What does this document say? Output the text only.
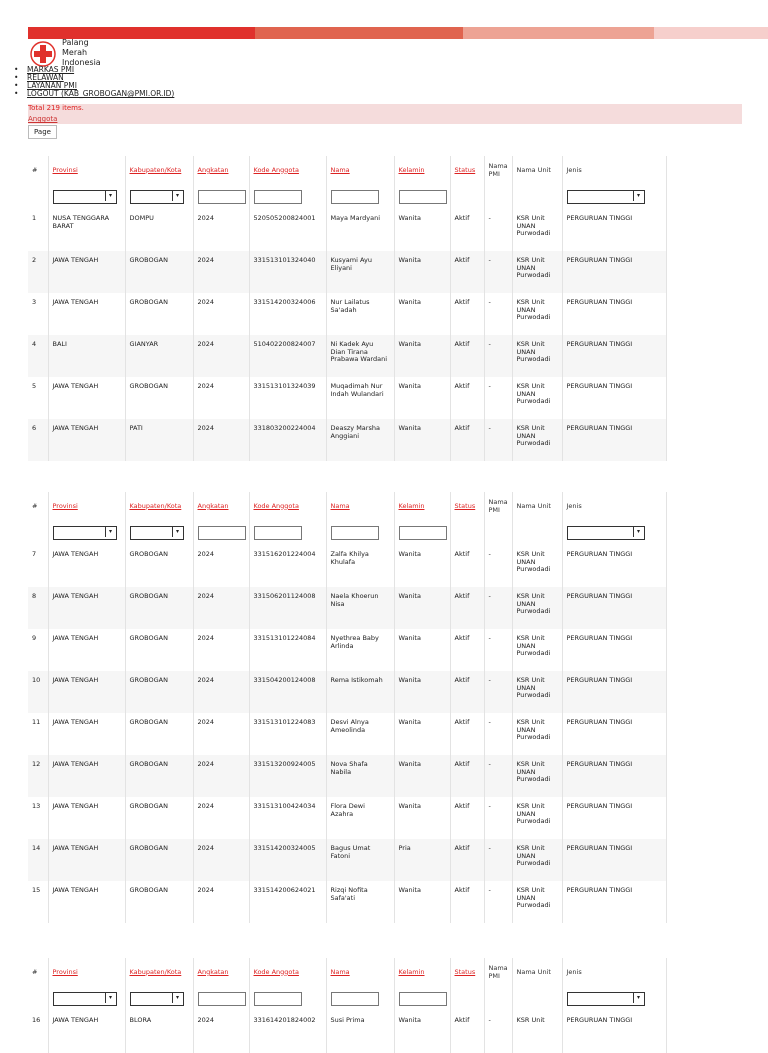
Palang
Merah
Indonesia
• MARKAS PMI
• RELAWAN
• LAYANAN PMI
• LOGOUT (KAB_GROBOGAN@PMI.OR.ID)
Total 219 items.
Anggota
Page
#	Provinsi	Kabupaten/Kota	Angkatan	Kode Anggota	Nama	Kelamin	Status	Nama PMI	Nama Unit	Jenis

	▾	▾								▾

1	NUSA TENGGARA BARAT	DOMPU	2024	520505200824001	Maya Mardyani	Wanita	Aktif	-	KSR Unit UNAN Purwodadi	PERGURUAN TINGGI
2	JAWA TENGAH	GROBOGAN	2024	331513101324040	Kusyami Ayu Eliyani	Wanita	Aktif	-	KSR Unit UNAN Purwodadi	PERGURUAN TINGGI
3	JAWA TENGAH	GROBOGAN	2024	331514200324006	Nur Lailatus Sa'adah	Wanita	Aktif	-	KSR Unit UNAN Purwodadi	PERGURUAN TINGGI
4	BALI	GIANYAR	2024	510402200824007	Ni Kadek Ayu Dian Tirana Prabawa Wardani	Wanita	Aktif	-	KSR Unit UNAN Purwodadi	PERGURUAN TINGGI
5	JAWA TENGAH	GROBOGAN	2024	331513101324039	Muqadimah Nur Indah Wulandari	Wanita	Aktif	-	KSR Unit UNAN Purwodadi	PERGURUAN TINGGI
6	JAWA TENGAH	PATI	2024	331803200224004	Deaszy Marsha Anggiani	Wanita	Aktif	-	KSR Unit UNAN Purwodadi	PERGURUAN TINGGI
#	Provinsi	Kabupaten/Kota	Angkatan	Kode Anggota	Nama	Kelamin	Status	Nama PMI	Nama Unit	Jenis

	▾	▾								▾

7	JAWA TENGAH	GROBOGAN	2024	331516201224004	Zalfa Khilya Khulafa	Wanita	Aktif	-	KSR Unit UNAN Purwodadi	PERGURUAN TINGGI
8	JAWA TENGAH	GROBOGAN	2024	331506201124008	Naela Khoerun Nisa	Wanita	Aktif	-	KSR Unit UNAN Purwodadi	PERGURUAN TINGGI
9	JAWA TENGAH	GROBOGAN	2024	331513101224084	Nyethrea Baby Arlinda	Wanita	Aktif	-	KSR Unit UNAN Purwodadi	PERGURUAN TINGGI
10	JAWA TENGAH	GROBOGAN	2024	331504200124008	Rema Istikomah	Wanita	Aktif	-	KSR Unit UNAN Purwodadi	PERGURUAN TINGGI
11	JAWA TENGAH	GROBOGAN	2024	331513101224083	Desvi Alnya Ameolinda	Wanita	Aktif	-	KSR Unit UNAN Purwodadi	PERGURUAN TINGGI
12	JAWA TENGAH	GROBOGAN	2024	331513200924005	Nova Shafa Nabila	Wanita	Aktif	-	KSR Unit UNAN Purwodadi	PERGURUAN TINGGI
13	JAWA TENGAH	GROBOGAN	2024	331513100424034	Flora Dewi Azahra	Wanita	Aktif	-	KSR Unit UNAN Purwodadi	PERGURUAN TINGGI
14	JAWA TENGAH	GROBOGAN	2024	331514200324005	Bagus Umat Fatoni	Pria	Aktif	-	KSR Unit UNAN Purwodadi	PERGURUAN TINGGI
15	JAWA TENGAH	GROBOGAN	2024	331514200624021	Rizqi Nofita Safa'ati	Wanita	Aktif	-	KSR Unit UNAN Purwodadi	PERGURUAN TINGGI
#	Provinsi	Kabupaten/Kota	Angkatan	Kode Anggota	Nama	Kelamin	Status	Nama PMI	Nama Unit	Jenis

	▾	▾								▾

16	JAWA TENGAH	BLORA	2024	331614201824002	Susi Prima	Wanita	Aktif	-	KSR Unit	PERGURUAN TINGGI
